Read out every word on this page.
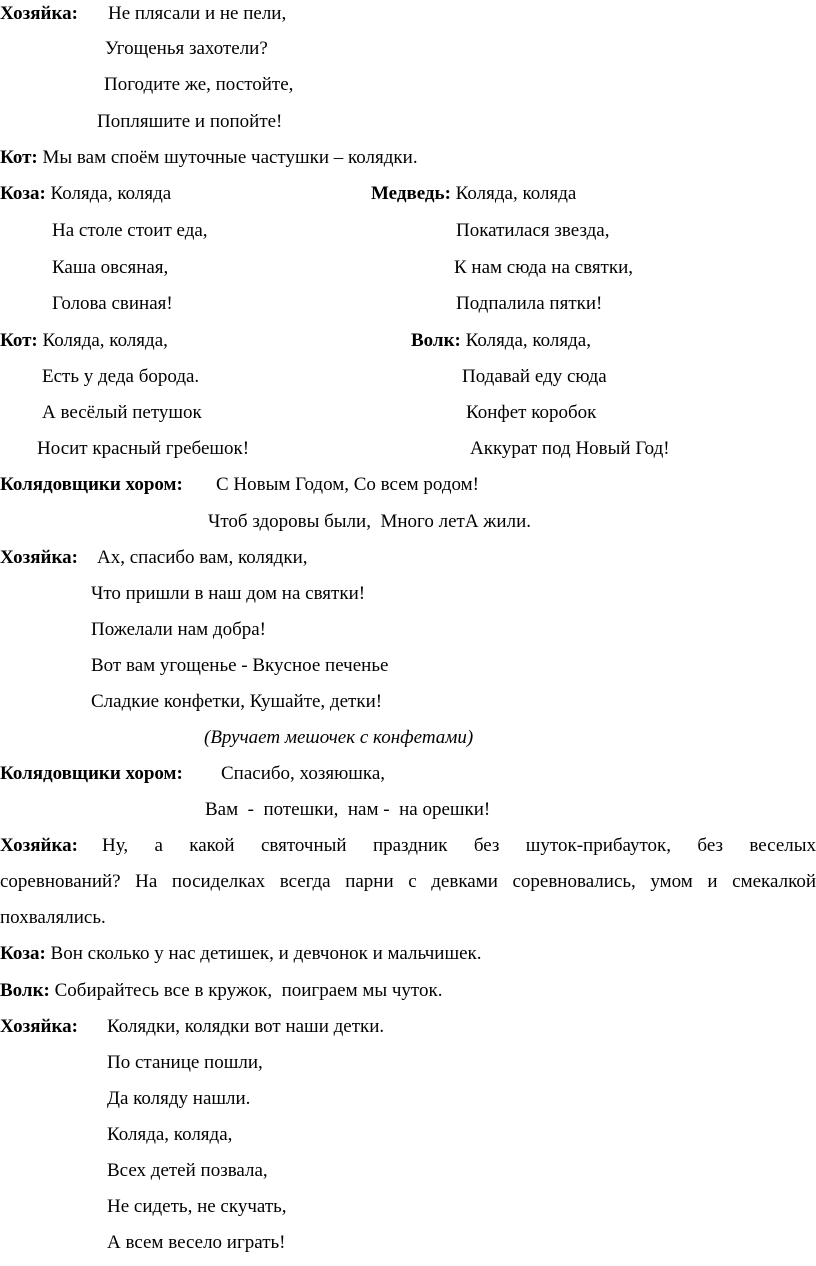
Хозяйка: Не плясали и не пели,
Угощенья захотели?
Погодите же, постойте,
Попляшите и попойте!
Кот: Мы вам споём шуточные частушки – колядки.
Коза: Коляда, коляда
На столе стоит еда,
Каша овсяная,
Голова свиная!
Медведь: Коляда, коляда
Покатилася звезда,
К нам сюда на святки,
Подпалила пятки!
Кот: Коляда, коляда,
Есть у деда борода.
А весёлый петушок
Носит красный гребешок!
Волк: Коляда, коляда,
Подавай еду сюда
Конфет коробок
Аккурат под Новый Год!
Колядовщики хором: С Новым Годом, Со всем родом!
Чтоб здоровы были,  Много летА жили.
Хозяйка: Ах, спасибо вам, колядки,
Что пришли в наш дом на святки!
Пожелали нам добра!
Вот вам угощенье - Вкусное печенье
Сладкие конфетки, Кушайте, детки!
(Вручает мешочек с конфетами)
Колядовщики хором: Спасибо, хозяюшка,
Вам  -  потешки,  нам -  на орешки!
Хозяйка: Ну, а какой святочный праздник без шуток-прибауток, без веселых
соревнований? На посиделках всегда парни с девками соревновались, умом и смекалкой
похвалялись.
Коза: Вон сколько у нас детишек, и девчонок и мальчишек.
Волк: Собирайтесь все в кружок,  поиграем мы чуток.
Хозяйка: Колядки, колядки вот наши детки.
По станице пошли,
Да коляду нашли.
Коляда, коляда,
Всех детей позвала,
Не сидеть, не скучать,
А всем весело играть!
